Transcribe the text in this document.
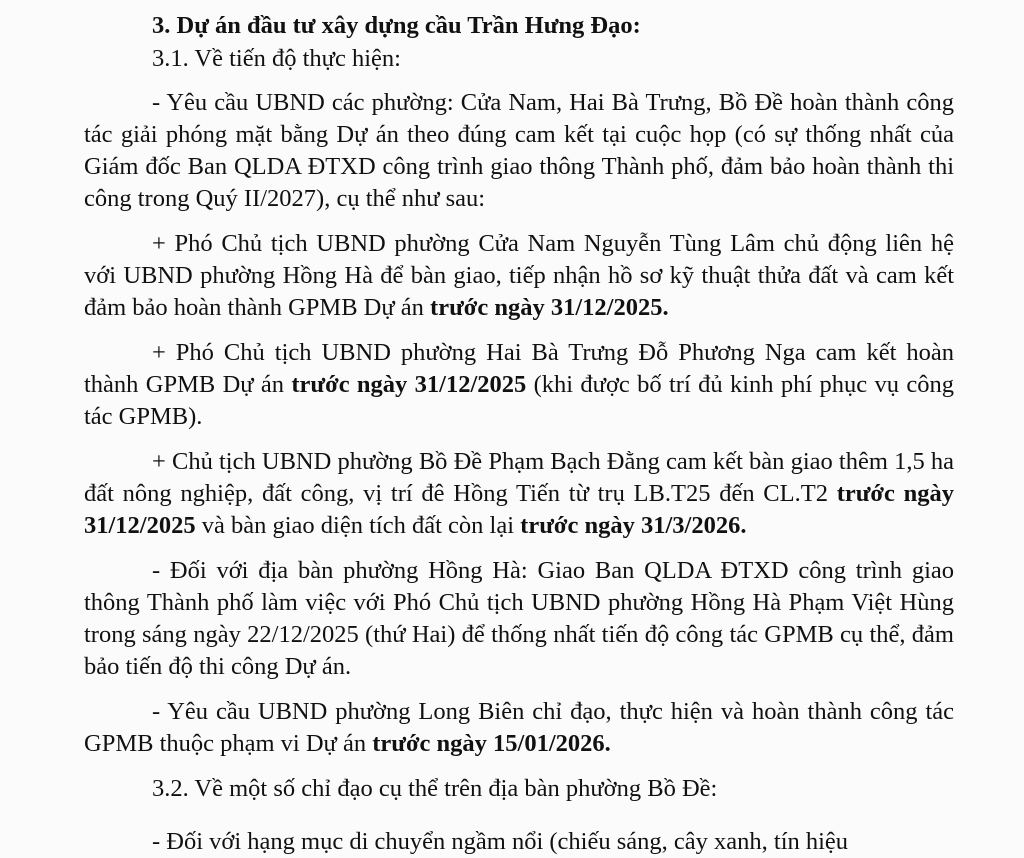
3. Dự án đầu tư xây dựng cầu Trần Hưng Đạo:

3.1. Về tiến độ thực hiện:

- Yêu cầu UBND các phường: Cửa Nam, Hai Bà Trưng, Bồ Đề hoàn thành công tác giải phóng mặt bằng Dự án theo đúng cam kết tại cuộc họp (có sự thống nhất của Giám đốc Ban QLDA ĐTXD công trình giao thông Thành phố, đảm bảo hoàn thành thi công trong Quý II/2027), cụ thể như sau:

+ Phó Chủ tịch UBND phường Cửa Nam Nguyễn Tùng Lâm chủ động liên hệ với UBND phường Hồng Hà để bàn giao, tiếp nhận hồ sơ kỹ thuật thửa đất và cam kết đảm bảo hoàn thành GPMB Dự án trước ngày 31/12/2025.

+ Phó Chủ tịch UBND phường Hai Bà Trưng Đỗ Phương Nga cam kết hoàn thành GPMB Dự án trước ngày 31/12/2025 (khi được bố trí đủ kinh phí phục vụ công tác GPMB).

+ Chủ tịch UBND phường Bồ Đề Phạm Bạch Đằng cam kết bàn giao thêm 1,5 ha đất nông nghiệp, đất công, vị trí đê Hồng Tiến từ trụ LB.T25 đến CL.T2 trước ngày 31/12/2025 và bàn giao diện tích đất còn lại trước ngày 31/3/2026.

- Đối với địa bàn phường Hồng Hà: Giao Ban QLDA ĐTXD công trình giao thông Thành phố làm việc với Phó Chủ tịch UBND phường Hồng Hà Phạm Việt Hùng trong sáng ngày 22/12/2025 (thứ Hai) để thống nhất tiến độ công tác GPMB cụ thể, đảm bảo tiến độ thi công Dự án.

- Yêu cầu UBND phường Long Biên chỉ đạo, thực hiện và hoàn thành công tác GPMB thuộc phạm vi Dự án trước ngày 15/01/2026.

3.2. Về một số chỉ đạo cụ thể trên địa bàn phường Bồ Đề:

- Đối với hạng mục di chuyển ngầm nổi (chiếu sáng, cây xanh, tín hiệu
